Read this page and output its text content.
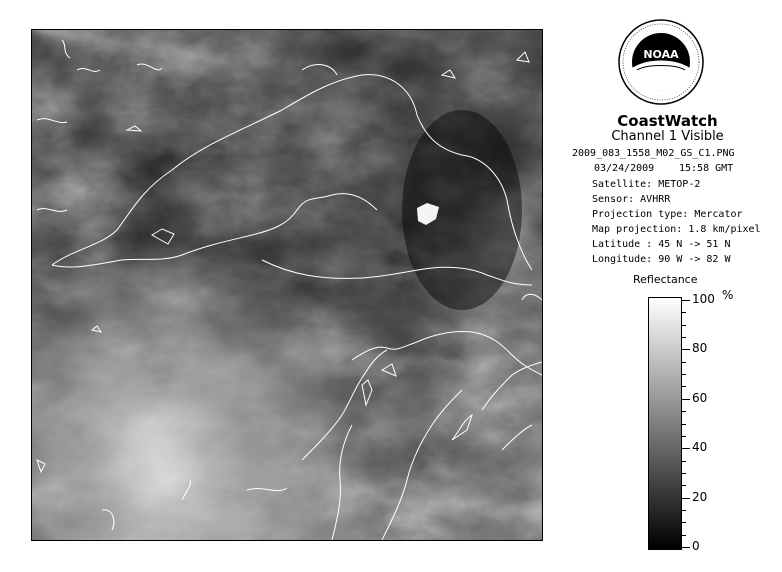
NOAA
CoastWatch
Channel 1 Visible
2009_083_1558_M02_GS_C1.PNG
03/24/2009 15:58 GMT
Satellite: METOP-2
Sensor: AVHRR
Projection type: Mercator
Map projection: 1.8 km/pixel
Latitude : 45 N -> 51 N
Longitude: 90 W -> 82 W
Reflectance
%
100
80
60
40
20
0
